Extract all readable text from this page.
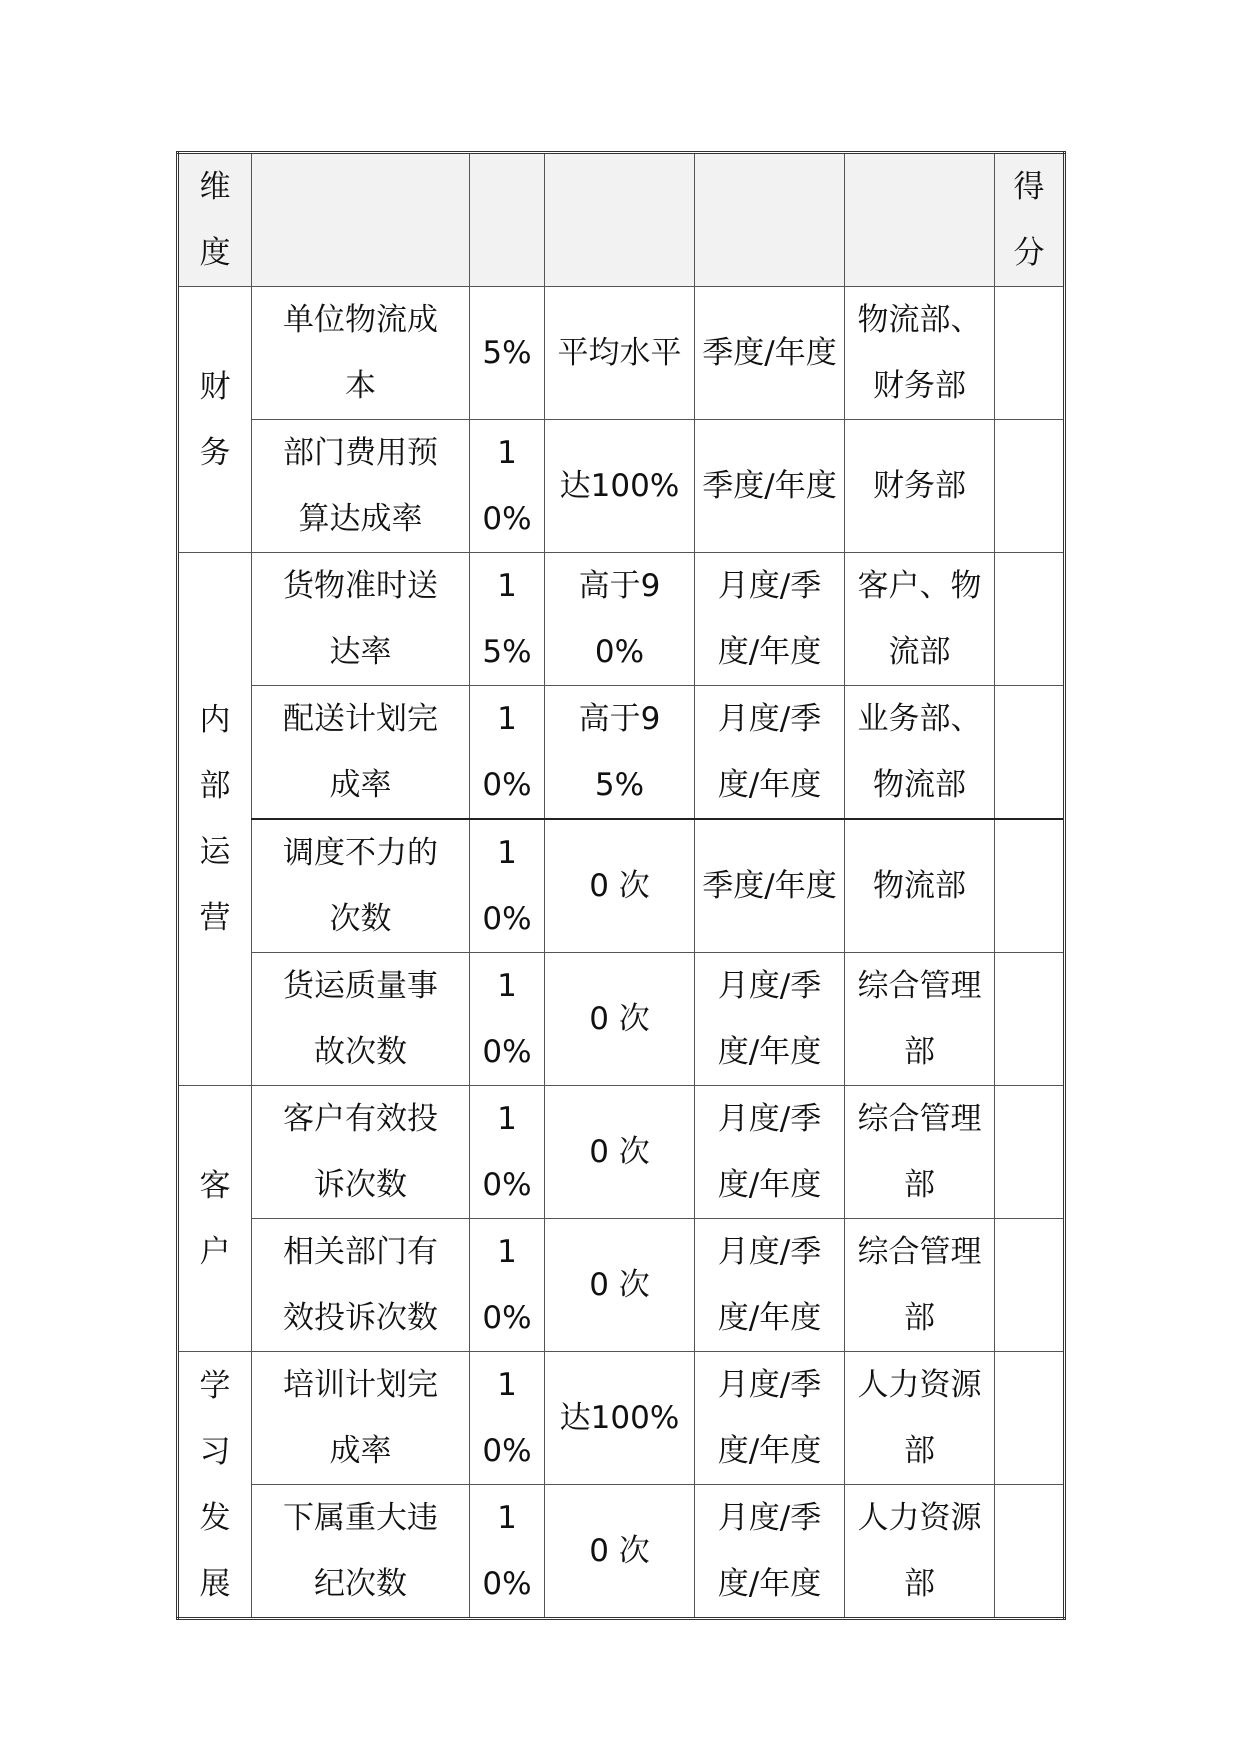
维度						得分

财务	单位物流成本	5%	平均水平	季度/年度	物流部、财务部	

	部门费用预算达成率	10%	达100%	季度/年度	财务部	

内部运营	货物准时送达率	15%	高于90%	月度/季度/年度	客户、物流部	

	配送计划完成率	10%	高于95%	月度/季度/年度	业务部、物流部	

	调度不力的次数	10%	0 次	季度/年度	物流部	

	货运质量事故次数	10%	0 次	月度/季度/年度	综合管理部	

客户	客户有效投诉次数	10%	0 次	月度/季度/年度	综合管理部	

	相关部门有效投诉次数	10%	0 次	月度/季度/年度	综合管理部	

学习发展	培训计划完成率	10%	达100%	月度/季度/年度	人力资源部	

	下属重大违纪次数	10%	0 次	月度/季度/年度	人力资源部	
